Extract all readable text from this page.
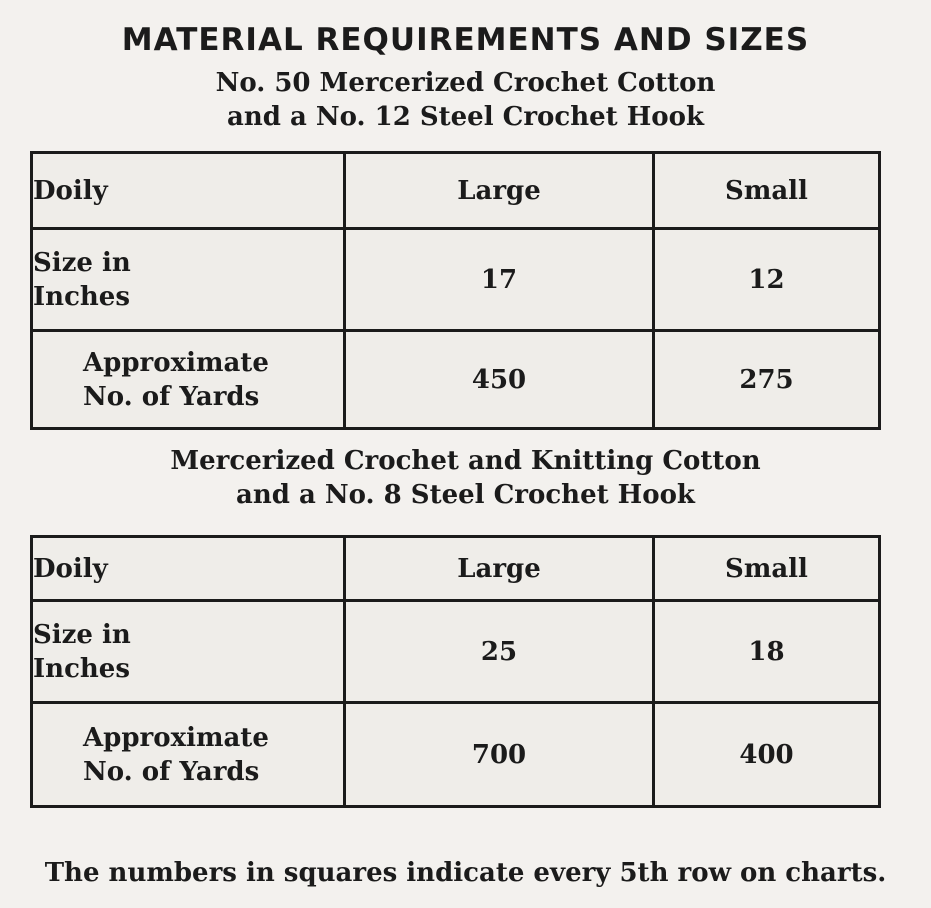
MATERIAL REQUIREMENTS AND SIZES
No. 50 Mercerized Crochet Cotton
and a No. 12 Steel Crochet Hook
Doily	Large	Small

Size in
Inches	17	12

Approximate
No. of Yards	450	275
Mercerized Crochet and Knitting Cotton
and a No. 8 Steel Crochet Hook
Doily	Large	Small

Size in
Inches	25	18

Approximate
No. of Yards	700	400
The numbers in squares indicate every 5th row on charts.
